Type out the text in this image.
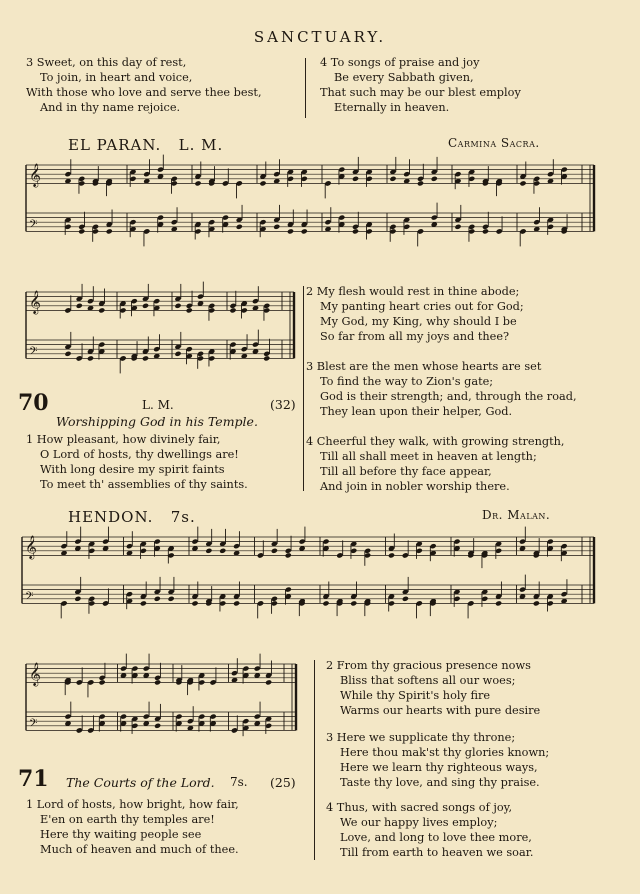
SANCTUARY.
3 Sweet, on this day of rest,
To join, in heart and voice,
With those who love and serve thee best,
And in thy name rejoice.
4 To songs of praise and joy
Be every Sabbath given,
That such may be our blest employ
Eternally in heaven.
EL PARAN. L. M.	Carmina Sacra.
𝄞
𝄢
𝄞
𝄢
70	L. M.	(32)
Worshipping God in his Temple.
1 How pleasant, how divinely fair,
O Lord of hosts, thy dwellings are!
With long desire my spirit faints
To meet th' assemblies of thy saints.
2 My flesh would rest in thine abode;
My panting heart cries out for God;
My God, my King, why should I be
So far from all my joys and thee?
3 Blest are the men whose hearts are set
To find the way to Zion's gate;
God is their strength; and, through the road,
They lean upon their helper, God.
4 Cheerful they walk, with growing strength,
Till all shall meet in heaven at length;
Till all before thy face appear,
And join in nobler worship there.
HENDON. 7s.	Dr. Malan.
𝄞
𝄢
𝄞
𝄢
71 The Courts of the Lord. 7s. (25)
1 Lord of hosts, how bright, how fair,
E'en on earth thy temples are!
Here thy waiting people see
Much of heaven and much of thee.
2 From thy gracious presence nows
Bliss that softens all our woes;
While thy Spirit's holy fire
Warms our hearts with pure desire
3 Here we supplicate thy throne;
Here thou mak'st thy glories known;
Here we learn thy righteous ways,
Taste thy love, and sing thy praise.
4 Thus, with sacred songs of joy,
We our happy lives employ;
Love, and long to love thee more,
Till from earth to heaven we soar.
